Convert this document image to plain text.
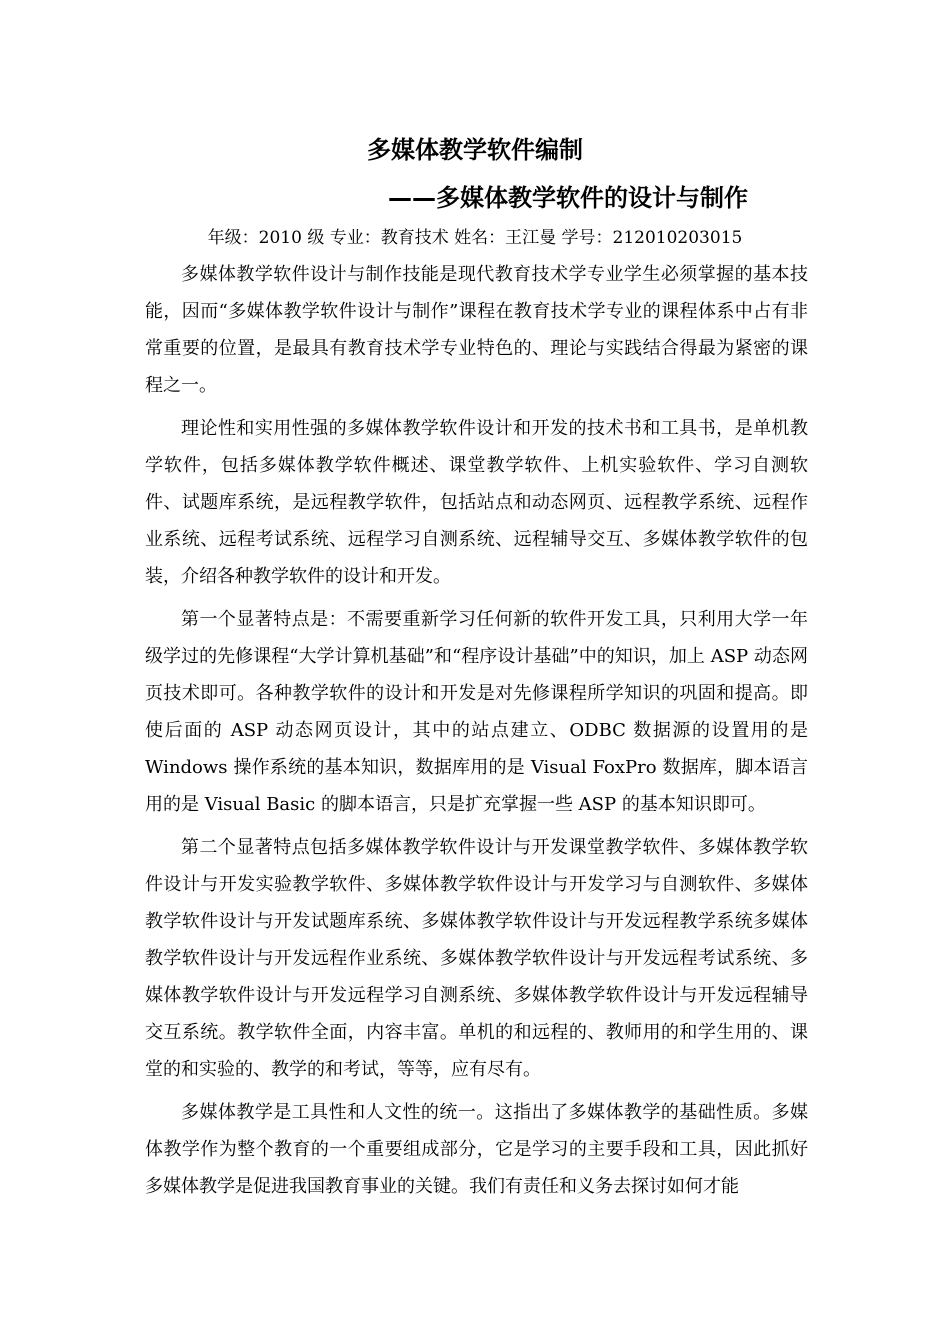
多媒体教学软件编制
——多媒体教学软件的设计与制作
年级：2010 级 专业：教育技术 姓名：王江曼 学号：212010203015

多媒体教学软件设计与制作技能是现代教育技术学专业学生必须掌握的基本技能，因而“多媒体教学软件设计与制作”课程在教育技术学专业的课程体系中占有非常重要的位置，是最具有教育技术学专业特色的、理论与实践结合得最为紧密的课程之一。

理论性和实用性强的多媒体教学软件设计和开发的技术书和工具书，是单机教学软件，包括多媒体教学软件概述、课堂教学软件、上机实验软件、学习自测软件、试题库系统，是远程教学软件，包括站点和动态网页、远程教学系统、远程作业系统、远程考试系统、远程学习自测系统、远程辅导交互、多媒体教学软件的包装，介绍各种教学软件的设计和开发。

第一个显著特点是：不需要重新学习任何新的软件开发工具，只利用大学一年级学过的先修课程“大学计算机基础”和“程序设计基础”中的知识，加上 ASP 动态网页技术即可。各种教学软件的设计和开发是对先修课程所学知识的巩固和提高。即使后面的 ASP 动态网页设计，其中的站点建立、ODBC 数据源的设置用的是 Windows 操作系统的基本知识，数据库用的是 Visual FoxPro 数据库，脚本语言用的是 Visual Basic 的脚本语言，只是扩充掌握一些 ASP 的基本知识即可。

第二个显著特点包括多媒体教学软件设计与开发课堂教学软件、多媒体教学软件设计与开发实验教学软件、多媒体教学软件设计与开发学习与自测软件、多媒体教学软件设计与开发试题库系统、多媒体教学软件设计与开发远程教学系统多媒体教学软件设计与开发远程作业系统、多媒体教学软件设计与开发远程考试系统、多媒体教学软件设计与开发远程学习自测系统、多媒体教学软件设计与开发远程辅导交互系统。教学软件全面，内容丰富。单机的和远程的、教师用的和学生用的、课堂的和实验的、教学的和考试，等等，应有尽有。

多媒体教学是工具性和人文性的统一。这指出了多媒体教学的基础性质。多媒体教学作为整个教育的一个重要组成部分，它是学习的主要手段和工具，因此抓好多媒体教学是促进我国教育事业的关键。我们有责任和义务去探讨如何才能
